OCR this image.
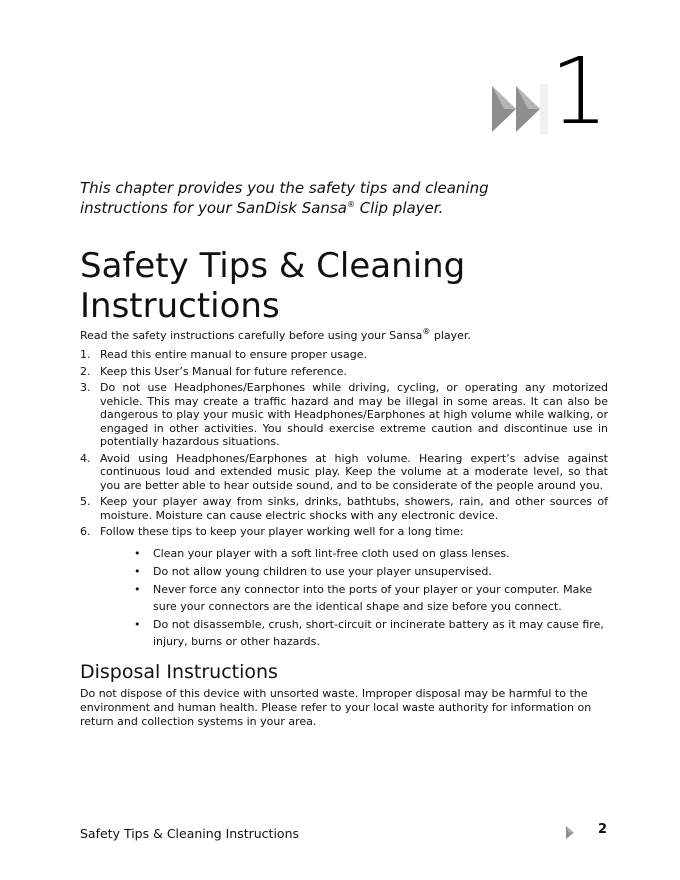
1
This chapter provides you the safety tips and cleaning
instructions for your SanDisk Sansa® Clip player.
Safety Tips & Cleaning
Instructions
Read the safety instructions carefully before using your Sansa® player.
1. Read this entire manual to ensure proper usage.
2. Keep this User’s Manual for future reference.
3. Do not use Headphones/Earphones while driving, cycling, or operating any motorized vehicle. This may create a traffic hazard and may be illegal in some areas. It can also be dangerous to play your music with Headphones/Earphones at high volume while walking, or engaged in other activities. You should exercise extreme caution and discontinue use in potentially hazardous situations.
4. Avoid using Headphones/Earphones at high volume. Hearing expert’s advise against continuous loud and extended music play. Keep the volume at a moderate level, so that you are better able to hear outside sound, and to be considerate of the people around you.
5. Keep your player away from sinks, drinks, bathtubs, showers, rain, and other sources of moisture. Moisture can cause electric shocks with any electronic device.
6. Follow these tips to keep your player working well for a long time:
• Clean your player with a soft lint-free cloth used on glass lenses.
• Do not allow young children to use your player unsupervised.
• Never force any connector into the ports of your player or your computer. Make sure your connectors are the identical shape and size before you connect.
• Do not disassemble, crush, short-circuit or incinerate battery as it may cause fire, injury, burns or other hazards.
Disposal Instructions
Do not dispose of this device with unsorted waste. Improper disposal may be harmful to the environment and human health. Please refer to your local waste authority for information on return and collection systems in your area.
Safety Tips & Cleaning Instructions	2
